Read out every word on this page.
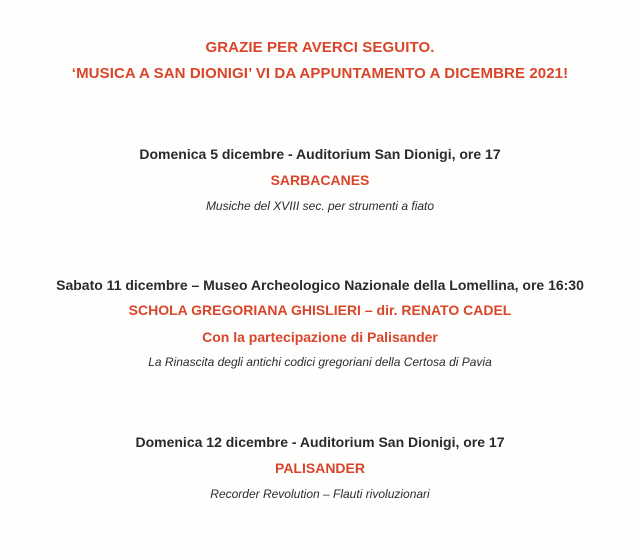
GRAZIE PER AVERCI SEGUITO.
‘MUSICA A SAN DIONIGI’ VI DA APPUNTAMENTO A DICEMBRE 2021!
Domenica 5 dicembre - Auditorium San Dionigi, ore 17
SARBACANES
Musiche del XVIII sec. per strumenti a fiato
Sabato 11 dicembre – Museo Archeologico Nazionale della Lomellina, ore 16:30
SCHOLA GREGORIANA GHISLIERI – dir. RENATO CADEL
Con la partecipazione di Palisander
La Rinascita degli antichi codici gregoriani della Certosa di Pavia
Domenica 12 dicembre - Auditorium San Dionigi, ore 17
PALISANDER
Recorder Revolution – Flauti rivoluzionari
